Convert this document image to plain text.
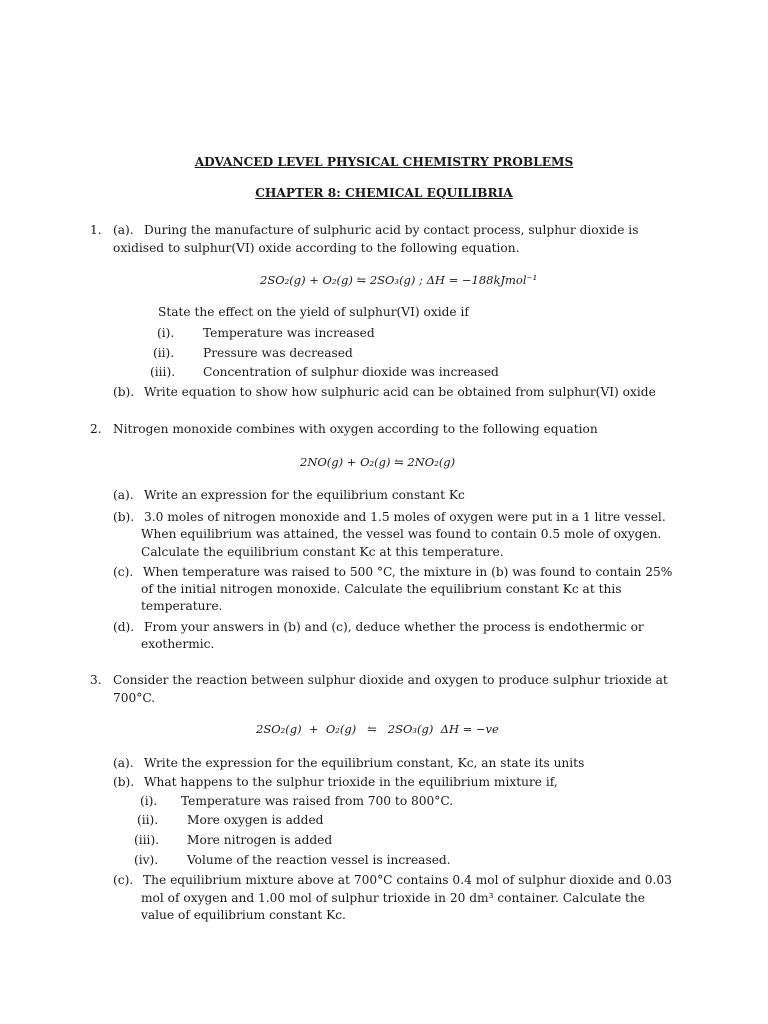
ADVANCED LEVEL PHYSICAL CHEMISTRY PROBLEMS
CHAPTER 8: CHEMICAL EQUILIBRIA
1. (a). During the manufacture of sulphuric acid by contact process, sulphur dioxide is
oxidised to sulphur(VI) oxide according to the following equation.
2SO₂(g) + O₂(g) ⇋ 2SO₃(g) ; ΔH = −188kJmol⁻¹
State the effect on the yield of sulphur(VI) oxide if
(i). Temperature was increased
(ii). Pressure was decreased
(iii). Concentration of sulphur dioxide was increased
(b). Write equation to show how sulphuric acid can be obtained from sulphur(VI) oxide
2. Nitrogen monoxide combines with oxygen according to the following equation
2NO(g) + O₂(g) ⇋ 2NO₂(g)
(a). Write an expression for the equilibrium constant Kc
(b). 3.0 moles of nitrogen monoxide and 1.5 moles of oxygen were put in a 1 litre vessel.
When equilibrium was attained, the vessel was found to contain 0.5 mole of oxygen.
Calculate the equilibrium constant Kc at this temperature.
(c). When temperature was raised to 500 °C, the mixture in (b) was found to contain 25%
of the initial nitrogen monoxide. Calculate the equilibrium constant Kc at this
temperature.
(d). From your answers in (b) and (c), deduce whether the process is endothermic or
exothermic.
3. Consider the reaction between sulphur dioxide and oxygen to produce sulphur trioxide at
700°C.
2SO₂(g)  +  O₂(g)   ⇋   2SO₃(g)  ΔH = −ve
(a). Write the expression for the equilibrium constant, Kc, an state its units
(b). What happens to the sulphur trioxide in the equilibrium mixture if,
(i). Temperature was raised from 700 to 800°C.
(ii). More oxygen is added
(iii). More nitrogen is added
(iv). Volume of the reaction vessel is increased.
(c). The equilibrium mixture above at 700°C contains 0.4 mol of sulphur dioxide and 0.03
mol of oxygen and 1.00 mol of sulphur trioxide in 20 dm³ container. Calculate the
value of equilibrium constant Kc.
